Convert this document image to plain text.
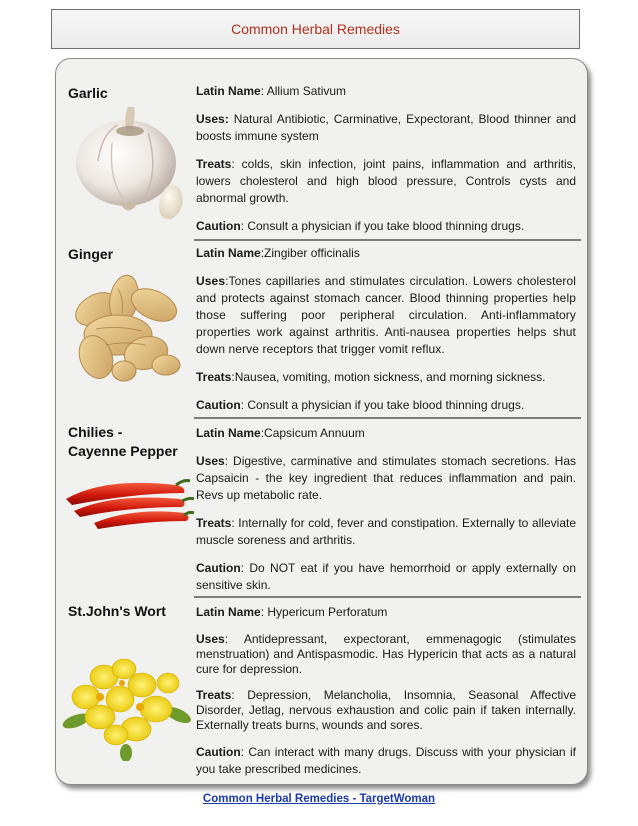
Common Herbal Remedies
Garlic	Latin Name: Allium Sativum

Uses: Natural Antibiotic, Carminative, Expectorant, Blood thinner and boosts immune system

Treats: colds, skin infection, joint pains, inflammation and arthritis, lowers cholesterol and high blood pressure, Controls cysts and abnormal growth.

Caution: Consult a physician if you take blood thinning drugs.

Ginger	Latin Name:Zingiber officinalis

Uses:Tones capillaries and stimulates circulation. Lowers cholesterol and protects against stomach cancer. Blood thinning properties help those suffering poor peripheral circulation. Anti-inflammatory properties work against arthritis. Anti-nausea properties helps shut down nerve receptors that trigger vomit reflux.

Treats:Nausea, vomiting, motion sickness, and morning sickness.

Caution: Consult a physician if you take blood thinning drugs.

Chilies -
Cayenne Pepper

Latin Name:Capsicum Annuum

Uses: Digestive, carminative and stimulates stomach secretions. Has Capsaicin - the key ingredient that reduces inflammation and pain. Revs up metabolic rate.

Treats: Internally for cold, fever and constipation. Externally to alleviate muscle soreness and arthritis.

Caution: Do NOT eat if you have hemorrhoid or apply externally on sensitive skin.

St.John's Wort	Latin Name: Hypericum Perforatum

Uses: Antidepressant, expectorant, emmenagogic (stimulates menstruation) and Antispasmodic. Has Hypericin that acts as a natural cure for depression.

Treats: Depression, Melancholia, Insomnia, Seasonal Affective Disorder, Jetlag, nervous exhaustion and colic pain if taken internally. Externally treats burns, wounds and sores.

Caution: Can interact with many drugs. Discuss with your physician if you take prescribed medicines.

Common Herbal Remedies - TargetWoman
